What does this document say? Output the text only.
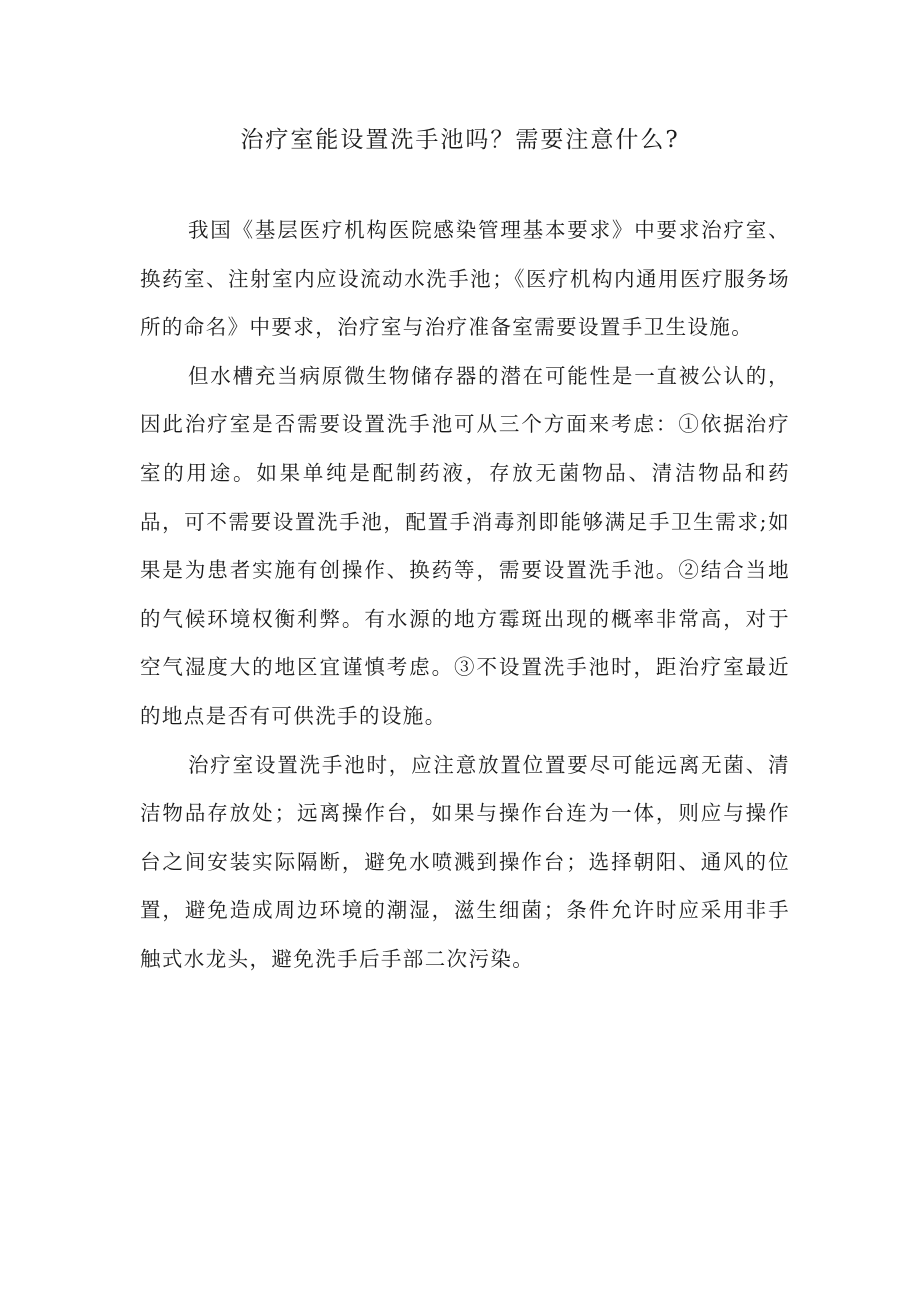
治疗室能设置洗手池吗？需要注意什么?

我国《基层医疗机构医院感染管理基本要求》中要求治疗室、换药室、注射室内应设流动水洗手池；《医疗机构内通用医疗服务场所的命名》中要求，治疗室与治疗准备室需要设置手卫生设施。

但水槽充当病原微生物储存器的潜在可能性是一直被公认的，因此治疗室是否需要设置洗手池可从三个方面来考虑：①依据治疗室的用途。如果单纯是配制药液，存放无菌物品、清洁物品和药品，可不需要设置洗手池，配置手消毒剂即能够满足手卫生需求;如果是为患者实施有创操作、换药等，需要设置洗手池。②结合当地的气候环境权衡利弊。有水源的地方霉斑出现的概率非常高，对于空气湿度大的地区宜谨慎考虑。③不设置洗手池时，距治疗室最近的地点是否有可供洗手的设施。

治疗室设置洗手池时，应注意放置位置要尽可能远离无菌、清洁物品存放处；远离操作台，如果与操作台连为一体，则应与操作台之间安装实际隔断，避免水喷溅到操作台；选择朝阳、通风的位置，避免造成周边环境的潮湿，滋生细菌；条件允许时应采用非手触式水龙头，避免洗手后手部二次污染。
